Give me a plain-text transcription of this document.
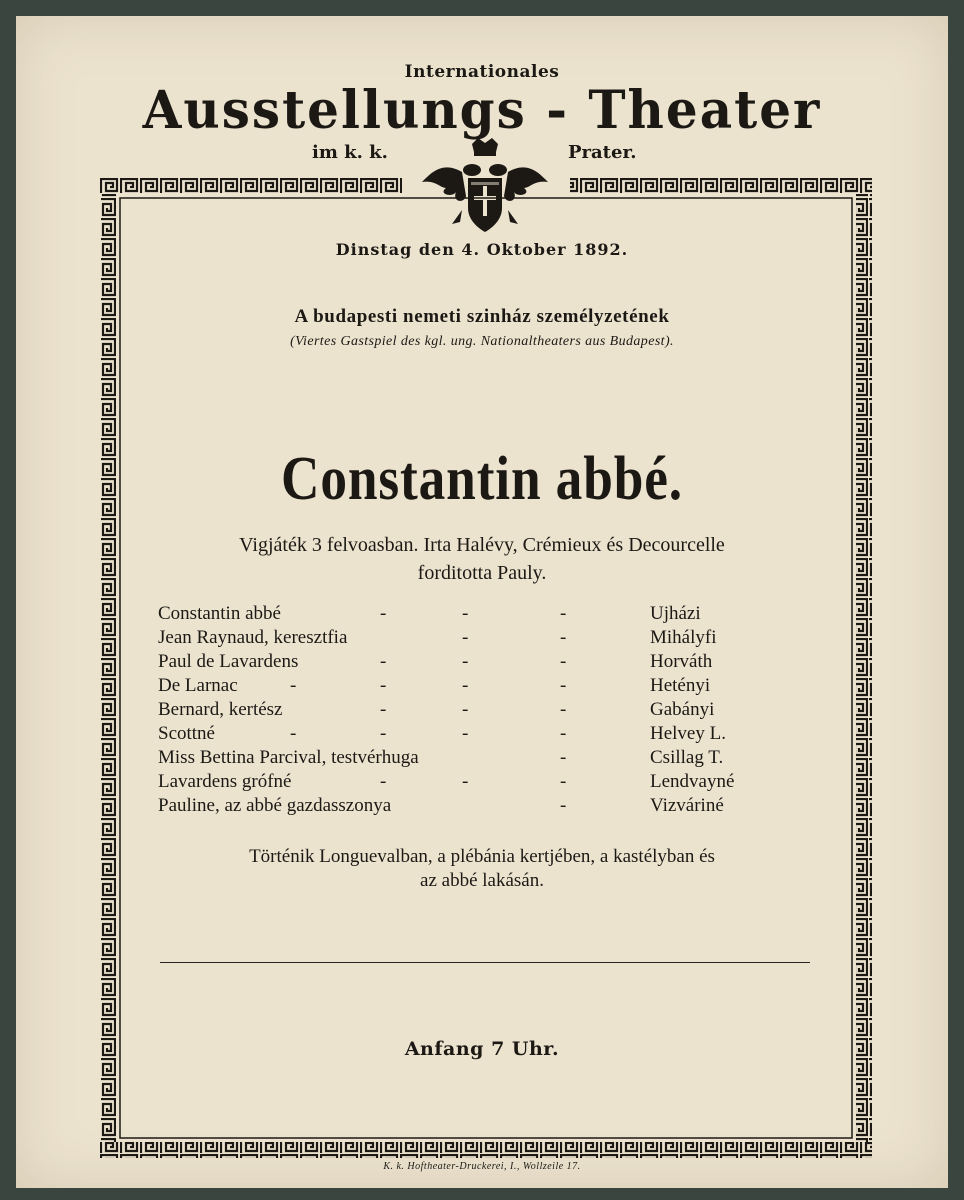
Internationales
Ausstellungs - Theater
im k. k.	Prater.
Dinstag den 4. Oktober 1892.
A budapesti nemeti szinház személyzetének
(Viertes Gastspiel des kgl. ung. Nationaltheaters aus Budapest).
Constantin abbé.
Vigjáték 3 felvoasban. Irta Halévy, Crémieux és Decourcelle
forditotta Pauly.
Constantin abbé	-	-	-	Ujházi
Jean Raynaud, keresztfia	-	-	Mihályfi
Paul de Lavardens	-	-	-	Horváth
De Larnac	-	-	-	-	Hetényi
Bernard, kertész	-	-	-	Gabányi
Scottné	-	-	-	-	Helvey L.
Miss Bettina Parcival, testvérhuga	-	Csillag T.
Lavardens grófné	-	-	-	Lendvayné
Pauline, az abbé gazdasszonya	-	Vizváriné
Történik Longuevalban, a plébánia kertjében, a kastélyban és
az abbé lakásán.
Anfang 7 Uhr.
K. k. Hoftheater-Druckerei, I., Wollzeile 17.
